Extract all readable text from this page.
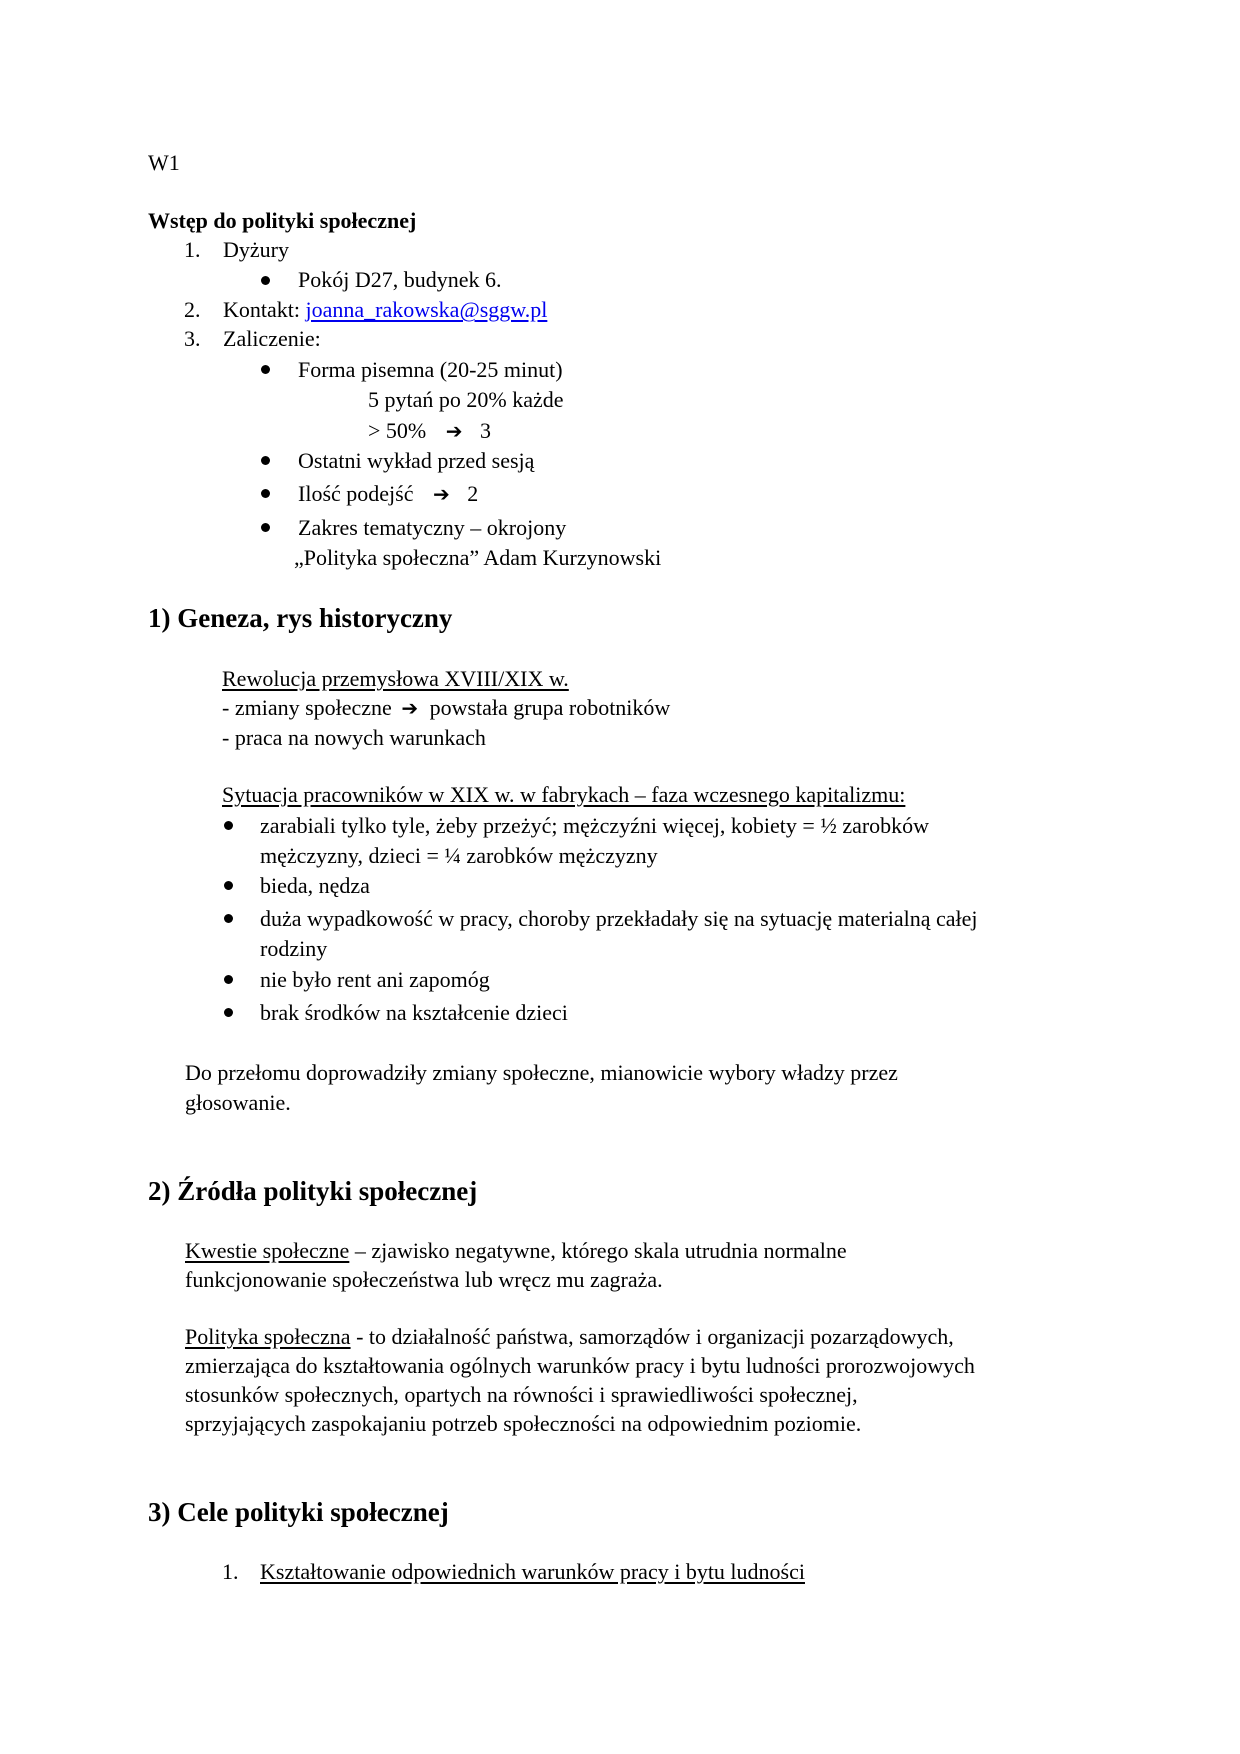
W1
Wstęp do polityki społecznej
1. Dyżury
Pokój D27, budynek 6.
2. Kontakt: joanna_rakowska@sggw.pl
3. Zaliczenie:
Forma pisemna (20-25 minut)
5 pytań po 20% każde
> 50% ➔ 3
Ostatni wykład przed sesją
Ilość podejść ➔ 2
Zakres tematyczny – okrojony
„Polityka społeczna” Adam Kurzynowski
1) Geneza, rys historyczny
Rewolucja przemysłowa XVIII/XIX w.
- zmiany społeczne ➔ powstała grupa robotników
- praca na nowych warunkach
Sytuacja pracowników w XIX w. w fabrykach – faza wczesnego kapitalizmu:
zarabiali tylko tyle, żeby przeżyć; mężczyźni więcej, kobiety = ½ zarobków
mężczyzny, dzieci = ¼ zarobków mężczyzny
bieda, nędza
duża wypadkowość w pracy, choroby przekładały się na sytuację materialną całej
rodziny
nie było rent ani zapomóg
brak środków na kształcenie dzieci
Do przełomu doprowadziły zmiany społeczne, mianowicie wybory władzy przez
głosowanie.
2) Źródła polityki społecznej
Kwestie społeczne – zjawisko negatywne, którego skala utrudnia normalne
funkcjonowanie społeczeństwa lub wręcz mu zagraża.
Polityka społeczna - to działalność państwa, samorządów i organizacji pozarządowych,
zmierzająca do kształtowania ogólnych warunków pracy i bytu ludności prorozwojowych
stosunków społecznych, opartych na równości i sprawiedliwości społecznej,
sprzyjających zaspokajaniu potrzeb społeczności na odpowiednim poziomie.
3) Cele polityki społecznej
1. Kształtowanie odpowiednich warunków pracy i bytu ludności
